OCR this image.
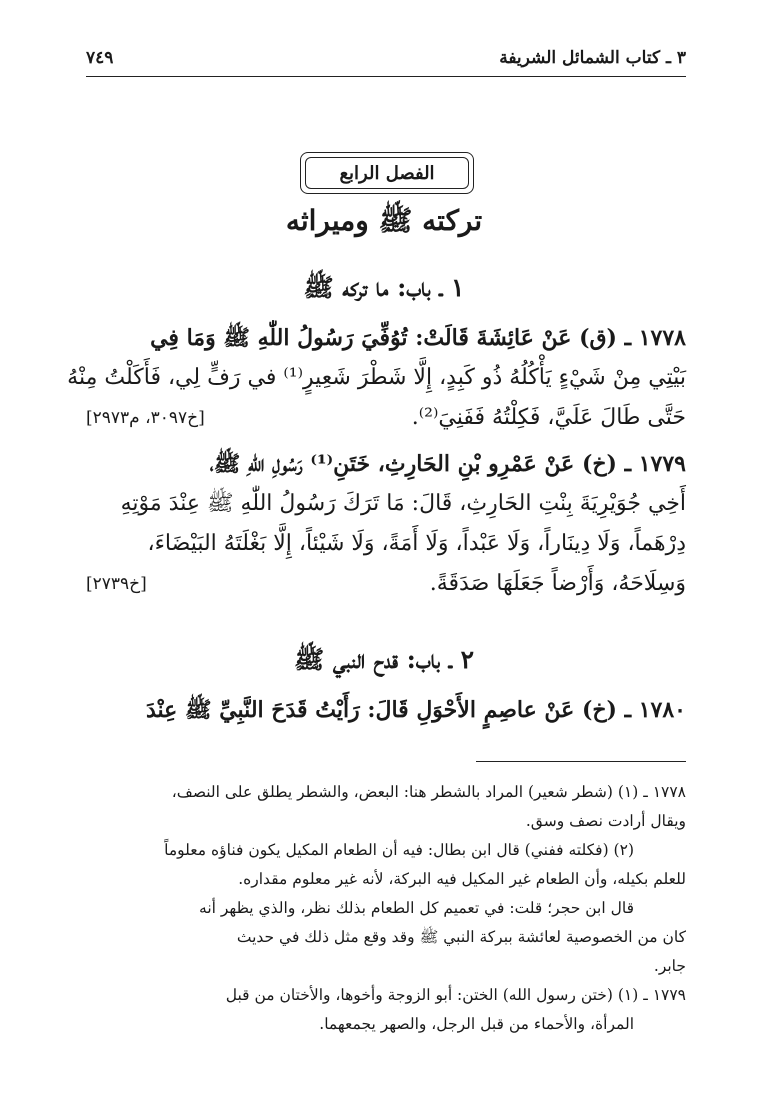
٣ ـ كتاب الشمائل الشريفة
٧٤٩
الفصل الرابع
تركته ﷺ وميراثه
١ ـ باب: ما تركه ﷺ
١٧٧٨ ـ (ق) عَنْ عَائِشَةَ قَالَتْ: تُوُفِّيَ رَسُولُ اللّٰهِ ﷺ وَمَا فِي
بَيْتِي مِنْ شَيْءٍ يَأْكُلُهُ ذُو كَبِدٍ، إِلَّا شَطْرَ شَعِيرٍ⁽¹⁾ في رَفٍّ لِي، فَأَكَلْتُ مِنْهُ
حَتَّى طَالَ عَلَيَّ، فَكِلْتُهُ فَفَنِيَ⁽²⁾.
[خ٣٠٩٧، م٢٩٧٣]
١٧٧٩ ـ (خ) عَنْ عَمْرِو بْنِ الحَارِثِ، خَتَنِ⁽¹⁾ رَسُولِ اللّٰهِ ﷺ،
أَخِي جُوَيْرِيَةَ بِنْتِ الحَارِثِ، قَالَ: مَا تَرَكَ رَسُولُ اللّٰهِ ﷺ عِنْدَ مَوْتِهِ
دِرْهَماً، وَلَا دِينَاراً، وَلَا عَبْداً، وَلَا أَمَةً، وَلَا شَيْئاً، إِلَّا بَغْلَتَهُ البَيْضَاءَ،
وَسِلَاحَهُ، وَأَرْضاً جَعَلَهَا صَدَقَةً.
[خ٢٧٣٩]
٢ ـ باب: قدح النبي ﷺ
١٧٨٠ ـ (خ) عَنْ عاصِمٍ الأَحْوَلِ قَالَ: رَأَيْتُ قَدَحَ النَّبِيِّ ﷺ عِنْدَ
١٧٧٨ ـ (١) (شطر شعير) المراد بالشطر هنا: البعض، والشطر يطلق على النصف،
ويقال أرادت نصف وسق.
(٢) (فكلته ففني) قال ابن بطال: فيه أن الطعام المكيل يكون فناؤه معلوماً
للعلم بكيله، وأن الطعام غير المكيل فيه البركة، لأنه غير معلوم مقداره.
قال ابن حجر؛ قلت: في تعميم كل الطعام بذلك نظر، والذي يظهر أنه
كان من الخصوصية لعائشة ببركة النبي ﷺ وقد وقع مثل ذلك في حديث
جابر.
١٧٧٩ ـ (١) (ختن رسول الله) الختن: أبو الزوجة وأخوها، والأختان من قبل
المرأة، والأحماء من قبل الرجل، والصهر يجمعهما.
